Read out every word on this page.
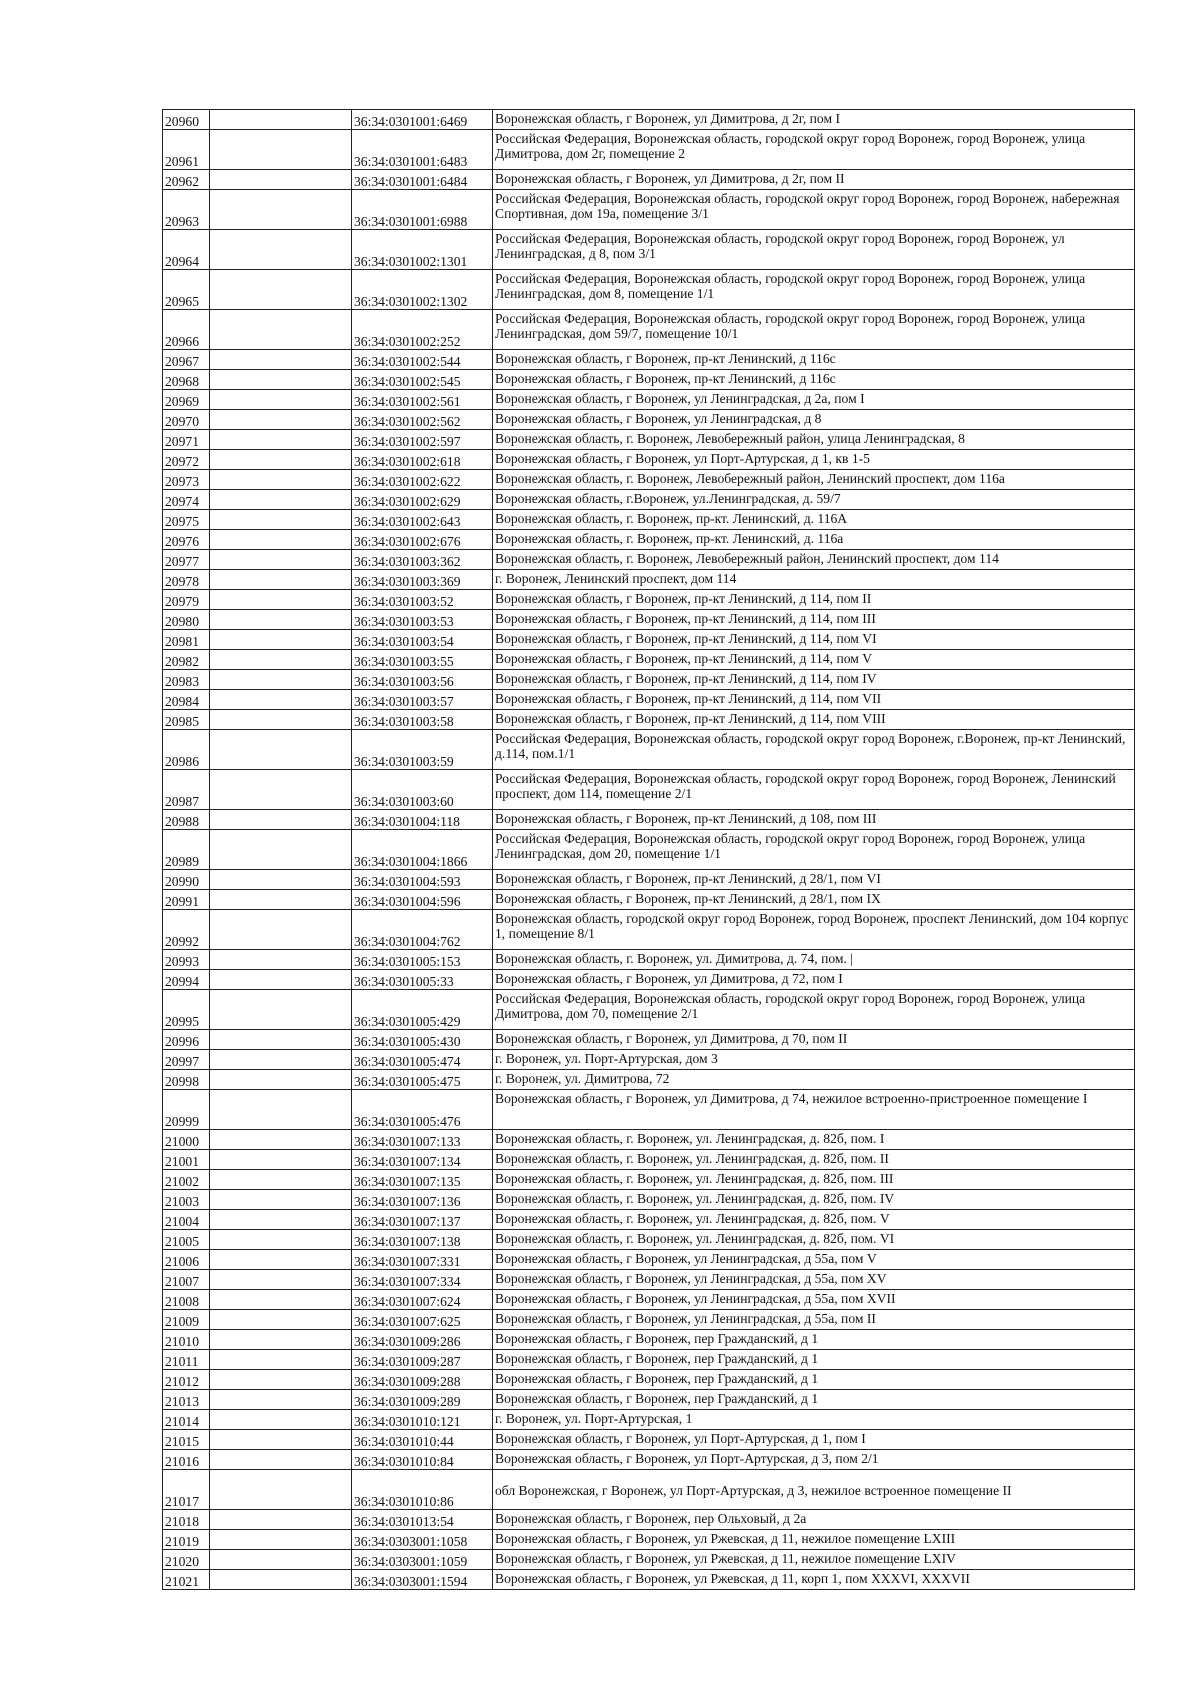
20960		36:34:0301001:6469	Воронежская область, г Воронеж, ул Димитрова, д 2г, пом I
20961		36:34:0301001:6483	Российская Федерация, Воронежская область, городской округ город Воронеж, город Воронеж, улица Димитрова, дом 2г, помещение 2
20962		36:34:0301001:6484	Воронежская область, г Воронеж, ул Димитрова, д 2г, пом II
20963		36:34:0301001:6988	Российская Федерация, Воронежская область, городской округ город Воронеж, город Воронеж, набережная Спортивная, дом 19а, помещение 3/1
20964		36:34:0301002:1301	Российская Федерация, Воронежская область, городской округ город Воронеж, город Воронеж, ул Ленинградская, д 8, пом 3/1
20965		36:34:0301002:1302	Российская Федерация, Воронежская область, городской округ город Воронеж, город Воронеж, улица Ленинградская, дом 8, помещение 1/1
20966		36:34:0301002:252	Российская Федерация, Воронежская область, городской округ город Воронеж, город Воронеж, улица Ленинградская, дом 59/7, помещение 10/1
20967		36:34:0301002:544	Воронежская область, г Воронеж, пр-кт Ленинский, д 116с
20968		36:34:0301002:545	Воронежская область, г Воронеж, пр-кт Ленинский, д 116с
20969		36:34:0301002:561	Воронежская область, г Воронеж, ул Ленинградская, д 2а, пом I
20970		36:34:0301002:562	Воронежская область, г Воронеж, ул Ленинградская, д 8
20971		36:34:0301002:597	Воронежская область, г. Воронеж, Левобережный район, улица Ленинградская, 8
20972		36:34:0301002:618	Воронежская область, г Воронеж, ул Порт-Артурская, д 1, кв 1-5
20973		36:34:0301002:622	Воронежская область, г. Воронеж, Левобережный район, Ленинский проспект, дом 116а
20974		36:34:0301002:629	Воронежская область, г.Воронеж, ул.Ленинградская, д. 59/7
20975		36:34:0301002:643	Воронежская область, г. Воронеж, пр-кт. Ленинский, д. 116А
20976		36:34:0301002:676	Воронежская область, г. Воронеж, пр-кт. Ленинский, д. 116а
20977		36:34:0301003:362	Воронежская область, г. Воронеж, Левобережный район, Ленинский проспект, дом 114
20978		36:34:0301003:369	г. Воронеж, Ленинский проспект, дом 114
20979		36:34:0301003:52	Воронежская область, г Воронеж, пр-кт Ленинский, д 114, пом II
20980		36:34:0301003:53	Воронежская область, г Воронеж, пр-кт Ленинский, д 114, пом III
20981		36:34:0301003:54	Воронежская область, г Воронеж, пр-кт Ленинский, д 114, пом VI
20982		36:34:0301003:55	Воронежская область, г Воронеж, пр-кт Ленинский, д 114, пом V
20983		36:34:0301003:56	Воронежская область, г Воронеж, пр-кт Ленинский, д 114, пом IV
20984		36:34:0301003:57	Воронежская область, г Воронеж, пр-кт Ленинский, д 114, пом VII
20985		36:34:0301003:58	Воронежская область, г Воронеж, пр-кт Ленинский, д 114, пом VIII
20986		36:34:0301003:59	Российская Федерация, Воронежская область, городской округ город Воронеж, г.Воронеж, пр-кт Ленинский, д.114, пом.1/1
20987		36:34:0301003:60	Российская Федерация, Воронежская область, городской округ город Воронеж, город Воронеж, Ленинский проспект, дом 114, помещение 2/1
20988		36:34:0301004:118	Воронежская область, г Воронеж, пр-кт Ленинский, д 108, пом III
20989		36:34:0301004:1866	Российская Федерация, Воронежская область, городской округ город Воронеж, город Воронеж, улица Ленинградская, дом 20, помещение 1/1
20990		36:34:0301004:593	Воронежская область, г Воронеж, пр-кт Ленинский, д 28/1, пом VI
20991		36:34:0301004:596	Воронежская область, г Воронеж, пр-кт Ленинский, д 28/1, пом IX
20992		36:34:0301004:762	Воронежская область, городской округ город Воронеж, город Воронеж, проспект Ленинский, дом 104 корпус 1, помещение 8/1
20993		36:34:0301005:153	Воронежская область, г. Воронеж, ул. Димитрова, д. 74, пом. |
20994		36:34:0301005:33	Воронежская область, г Воронеж, ул Димитрова, д 72, пом I
20995		36:34:0301005:429	Российская Федерация, Воронежская область, городской округ город Воронеж, город Воронеж, улица Димитрова, дом 70, помещение 2/1
20996		36:34:0301005:430	Воронежская область, г Воронеж, ул Димитрова, д 70, пом II
20997		36:34:0301005:474	г. Воронеж, ул. Порт-Артурская, дом 3
20998		36:34:0301005:475	г. Воронеж, ул. Димитрова, 72
20999		36:34:0301005:476	Воронежская область, г Воронеж, ул Димитрова, д 74, нежилое встроенно-пристроенное помещение I
21000		36:34:0301007:133	Воронежская область, г. Воронеж, ул. Ленинградская, д. 82б, пом. I
21001		36:34:0301007:134	Воронежская область, г. Воронеж, ул. Ленинградская, д. 82б, пом. II
21002		36:34:0301007:135	Воронежская область, г. Воронеж, ул. Ленинградская, д. 82б, пом. III
21003		36:34:0301007:136	Воронежская область, г. Воронеж, ул. Ленинградская, д. 82б, пом. IV
21004		36:34:0301007:137	Воронежская область, г. Воронеж, ул. Ленинградская, д. 82б, пом. V
21005		36:34:0301007:138	Воронежская область, г. Воронеж, ул. Ленинградская, д. 82б, пом. VI
21006		36:34:0301007:331	Воронежская область, г Воронеж, ул Ленинградская, д 55а, пом V
21007		36:34:0301007:334	Воронежская область, г Воронеж, ул Ленинградская, д 55а, пом XV
21008		36:34:0301007:624	Воронежская область, г Воронеж, ул Ленинградская, д 55а, пом XVII
21009		36:34:0301007:625	Воронежская область, г Воронеж, ул Ленинградская, д 55а, пом II
21010		36:34:0301009:286	Воронежская область, г Воронеж, пер Гражданский, д 1
21011		36:34:0301009:287	Воронежская область, г Воронеж, пер Гражданский, д 1
21012		36:34:0301009:288	Воронежская область, г Воронеж, пер Гражданский, д 1
21013		36:34:0301009:289	Воронежская область, г Воронеж, пер Гражданский, д 1
21014		36:34:0301010:121	г. Воронеж, ул. Порт-Артурская, 1
21015		36:34:0301010:44	Воронежская область, г Воронеж, ул Порт-Артурская, д 1, пом I
21016		36:34:0301010:84	Воронежская область, г Воронеж, ул Порт-Артурская, д 3, пом 2/1
21017		36:34:0301010:86	обл Воронежская, г Воронеж, ул Порт-Артурская, д 3, нежилое встроенное помещение II
21018		36:34:0301013:54	Воронежская область, г Воронеж, пер Ольховый, д 2а
21019		36:34:0303001:1058	Воронежская область, г Воронеж, ул Ржевская, д 11, нежилое помещение LXIII
21020		36:34:0303001:1059	Воронежская область, г Воронеж, ул Ржевская, д 11, нежилое помещение LXIV
21021		36:34:0303001:1594	Воронежская область, г Воронеж, ул Ржевская, д 11, корп 1, пом XXXVI, XXXVII
